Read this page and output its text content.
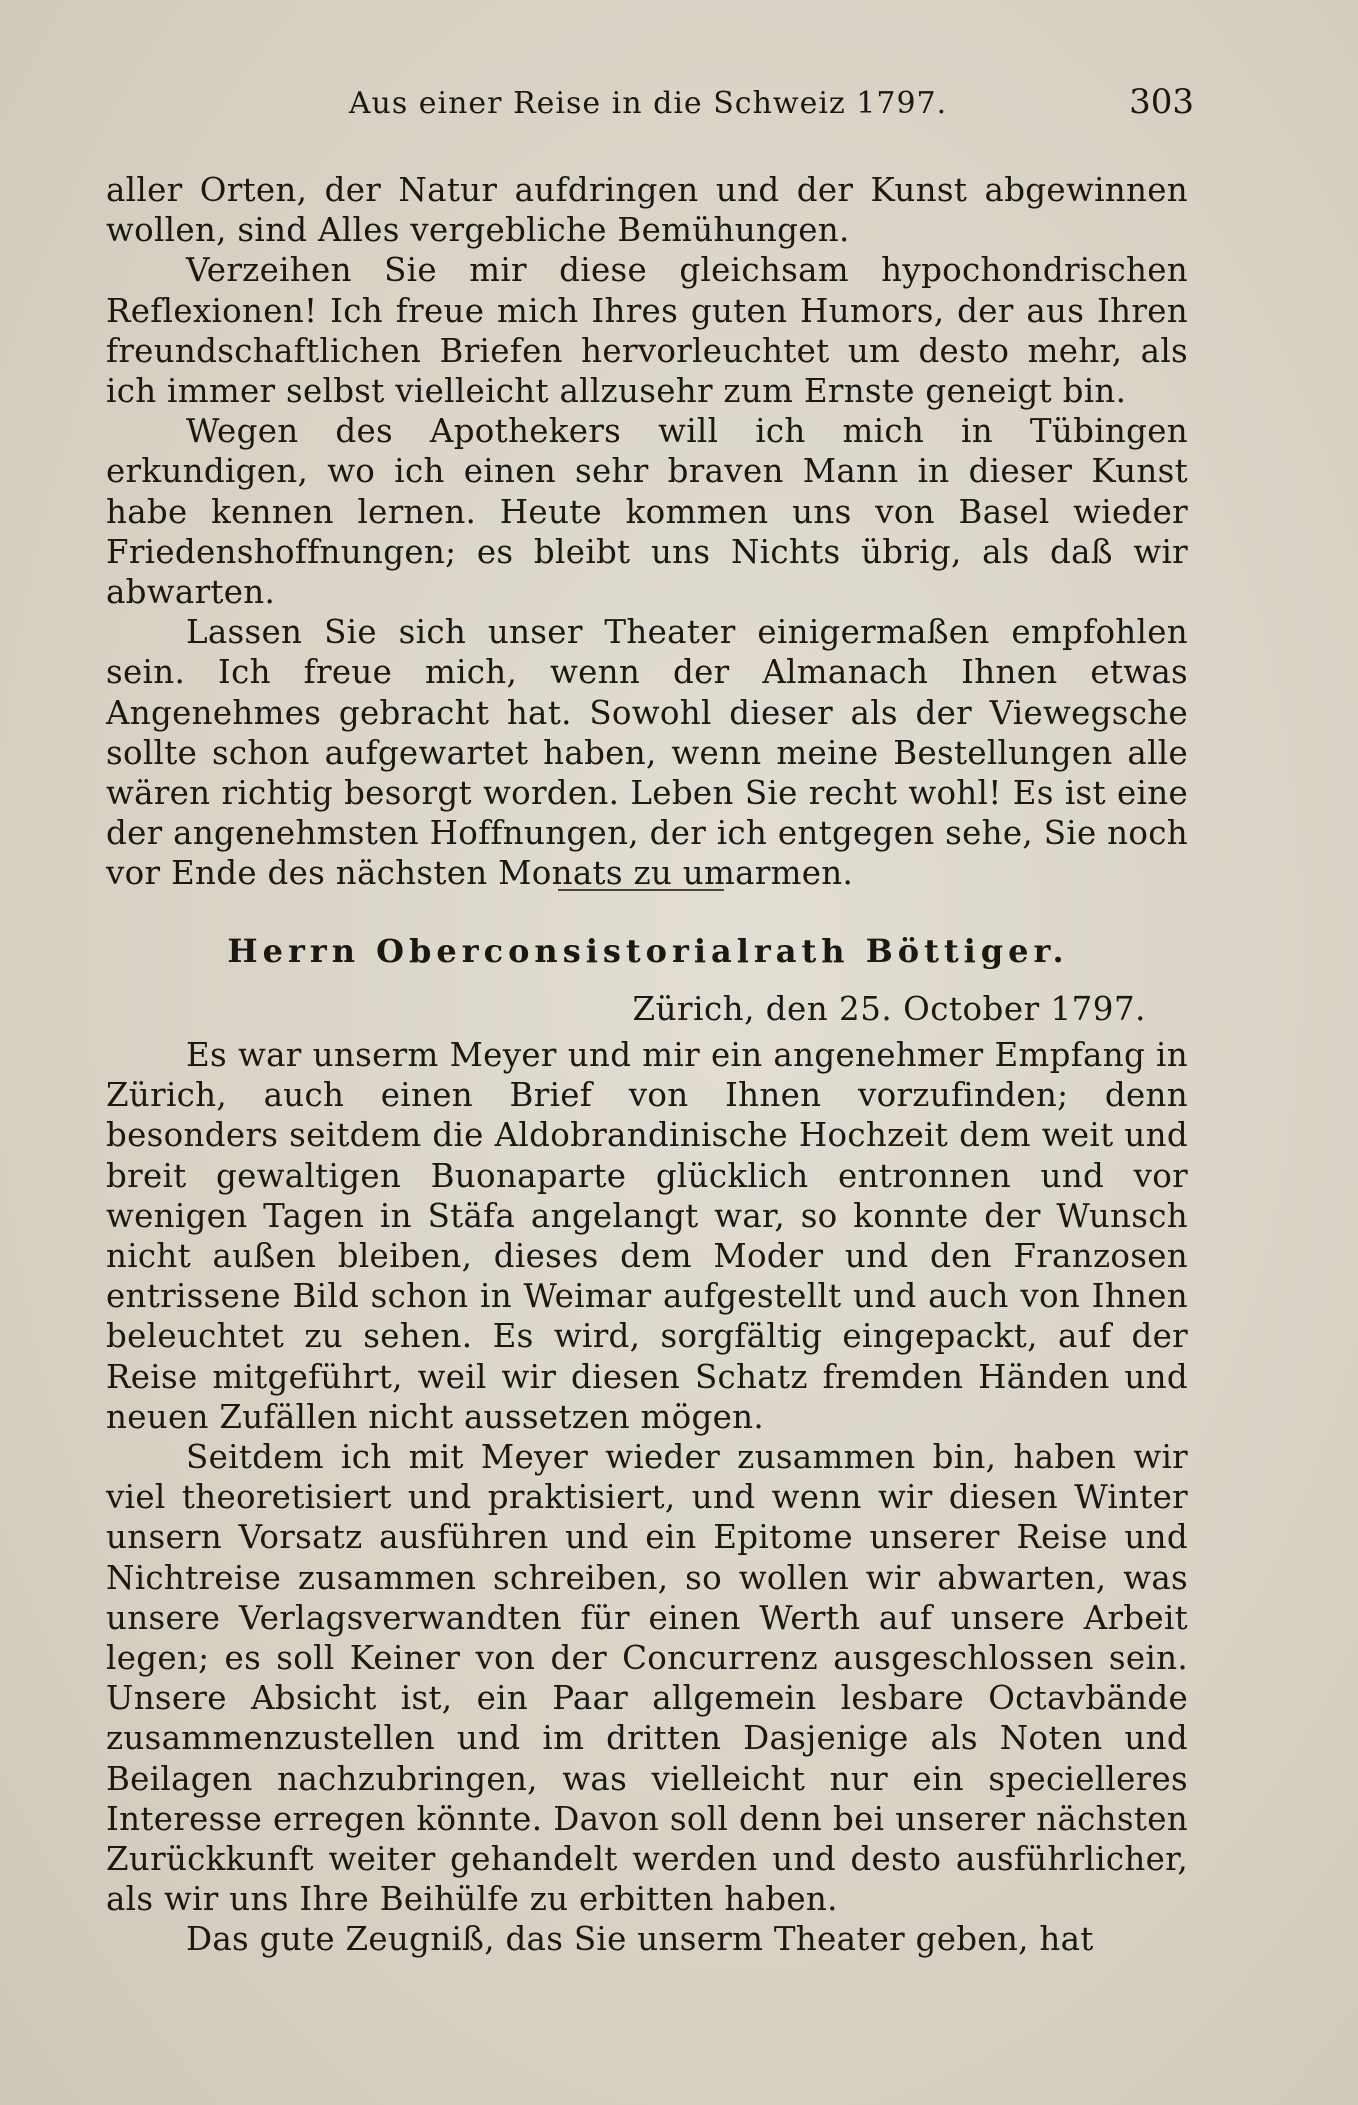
Aus einer Reise in die Schweiz 1797.	303

aller Orten, der Natur aufdringen und der Kunst abgewinnen wollen, sind Alles vergebliche Bemühungen.

Verzeihen Sie mir diese gleichsam hypochondrischen Reflexionen! Ich freue mich Ihres guten Humors, der aus Ihren freundschaftlichen Briefen hervorleuchtet um desto mehr, als ich immer selbst vielleicht allzusehr zum Ernste geneigt bin.

Wegen des Apothekers will ich mich in Tübingen erkundigen, wo ich einen sehr braven Mann in dieser Kunst habe kennen lernen. Heute kommen uns von Basel wieder Friedenshoffnungen; es bleibt uns Nichts übrig, als daß wir abwarten.

Lassen Sie sich unser Theater einigermaßen empfohlen sein. Ich freue mich, wenn der Almanach Ihnen etwas Angenehmes gebracht hat. Sowohl dieser als der Viewegsche sollte schon aufgewartet haben, wenn meine Bestellungen alle wären richtig besorgt worden. Leben Sie recht wohl! Es ist eine der angenehmsten Hoffnungen, der ich entgegen sehe, Sie noch vor Ende des nächsten Monats zu umarmen.

Herrn Oberconsistorialrath Böttiger.
Zürich, den 25. October 1797.

Es war unserm Meyer und mir ein angenehmer Empfang in Zürich, auch einen Brief von Ihnen vorzufinden; denn besonders seitdem die Aldobrandinische Hochzeit dem weit und breit gewaltigen Buonaparte glücklich entronnen und vor wenigen Tagen in Stäfa angelangt war, so konnte der Wunsch nicht außen bleiben, dieses dem Moder und den Franzosen entrissene Bild schon in Weimar aufgestellt und auch von Ihnen beleuchtet zu sehen. Es wird, sorgfältig eingepackt, auf der Reise mitgeführt, weil wir diesen Schatz fremden Händen und neuen Zufällen nicht aussetzen mögen.

Seitdem ich mit Meyer wieder zusammen bin, haben wir viel theoretisiert und praktisiert, und wenn wir diesen Winter unsern Vorsatz ausführen und ein Epitome unserer Reise und Nichtreise zusammen schreiben, so wollen wir abwarten, was unsere Verlagsverwandten für einen Werth auf unsere Arbeit legen; es soll Keiner von der Concurrenz ausgeschlossen sein. Unsere Absicht ist, ein Paar allgemein lesbare Octavbände zusammenzustellen und im dritten Dasjenige als Noten und Beilagen nachzubringen, was vielleicht nur ein specielleres Interesse erregen könnte. Davon soll denn bei unserer nächsten Zurückkunft weiter gehandelt werden und desto ausführlicher, als wir uns Ihre Beihülfe zu erbitten haben.

Das gute Zeugniß, das Sie unserm Theater geben, hat
